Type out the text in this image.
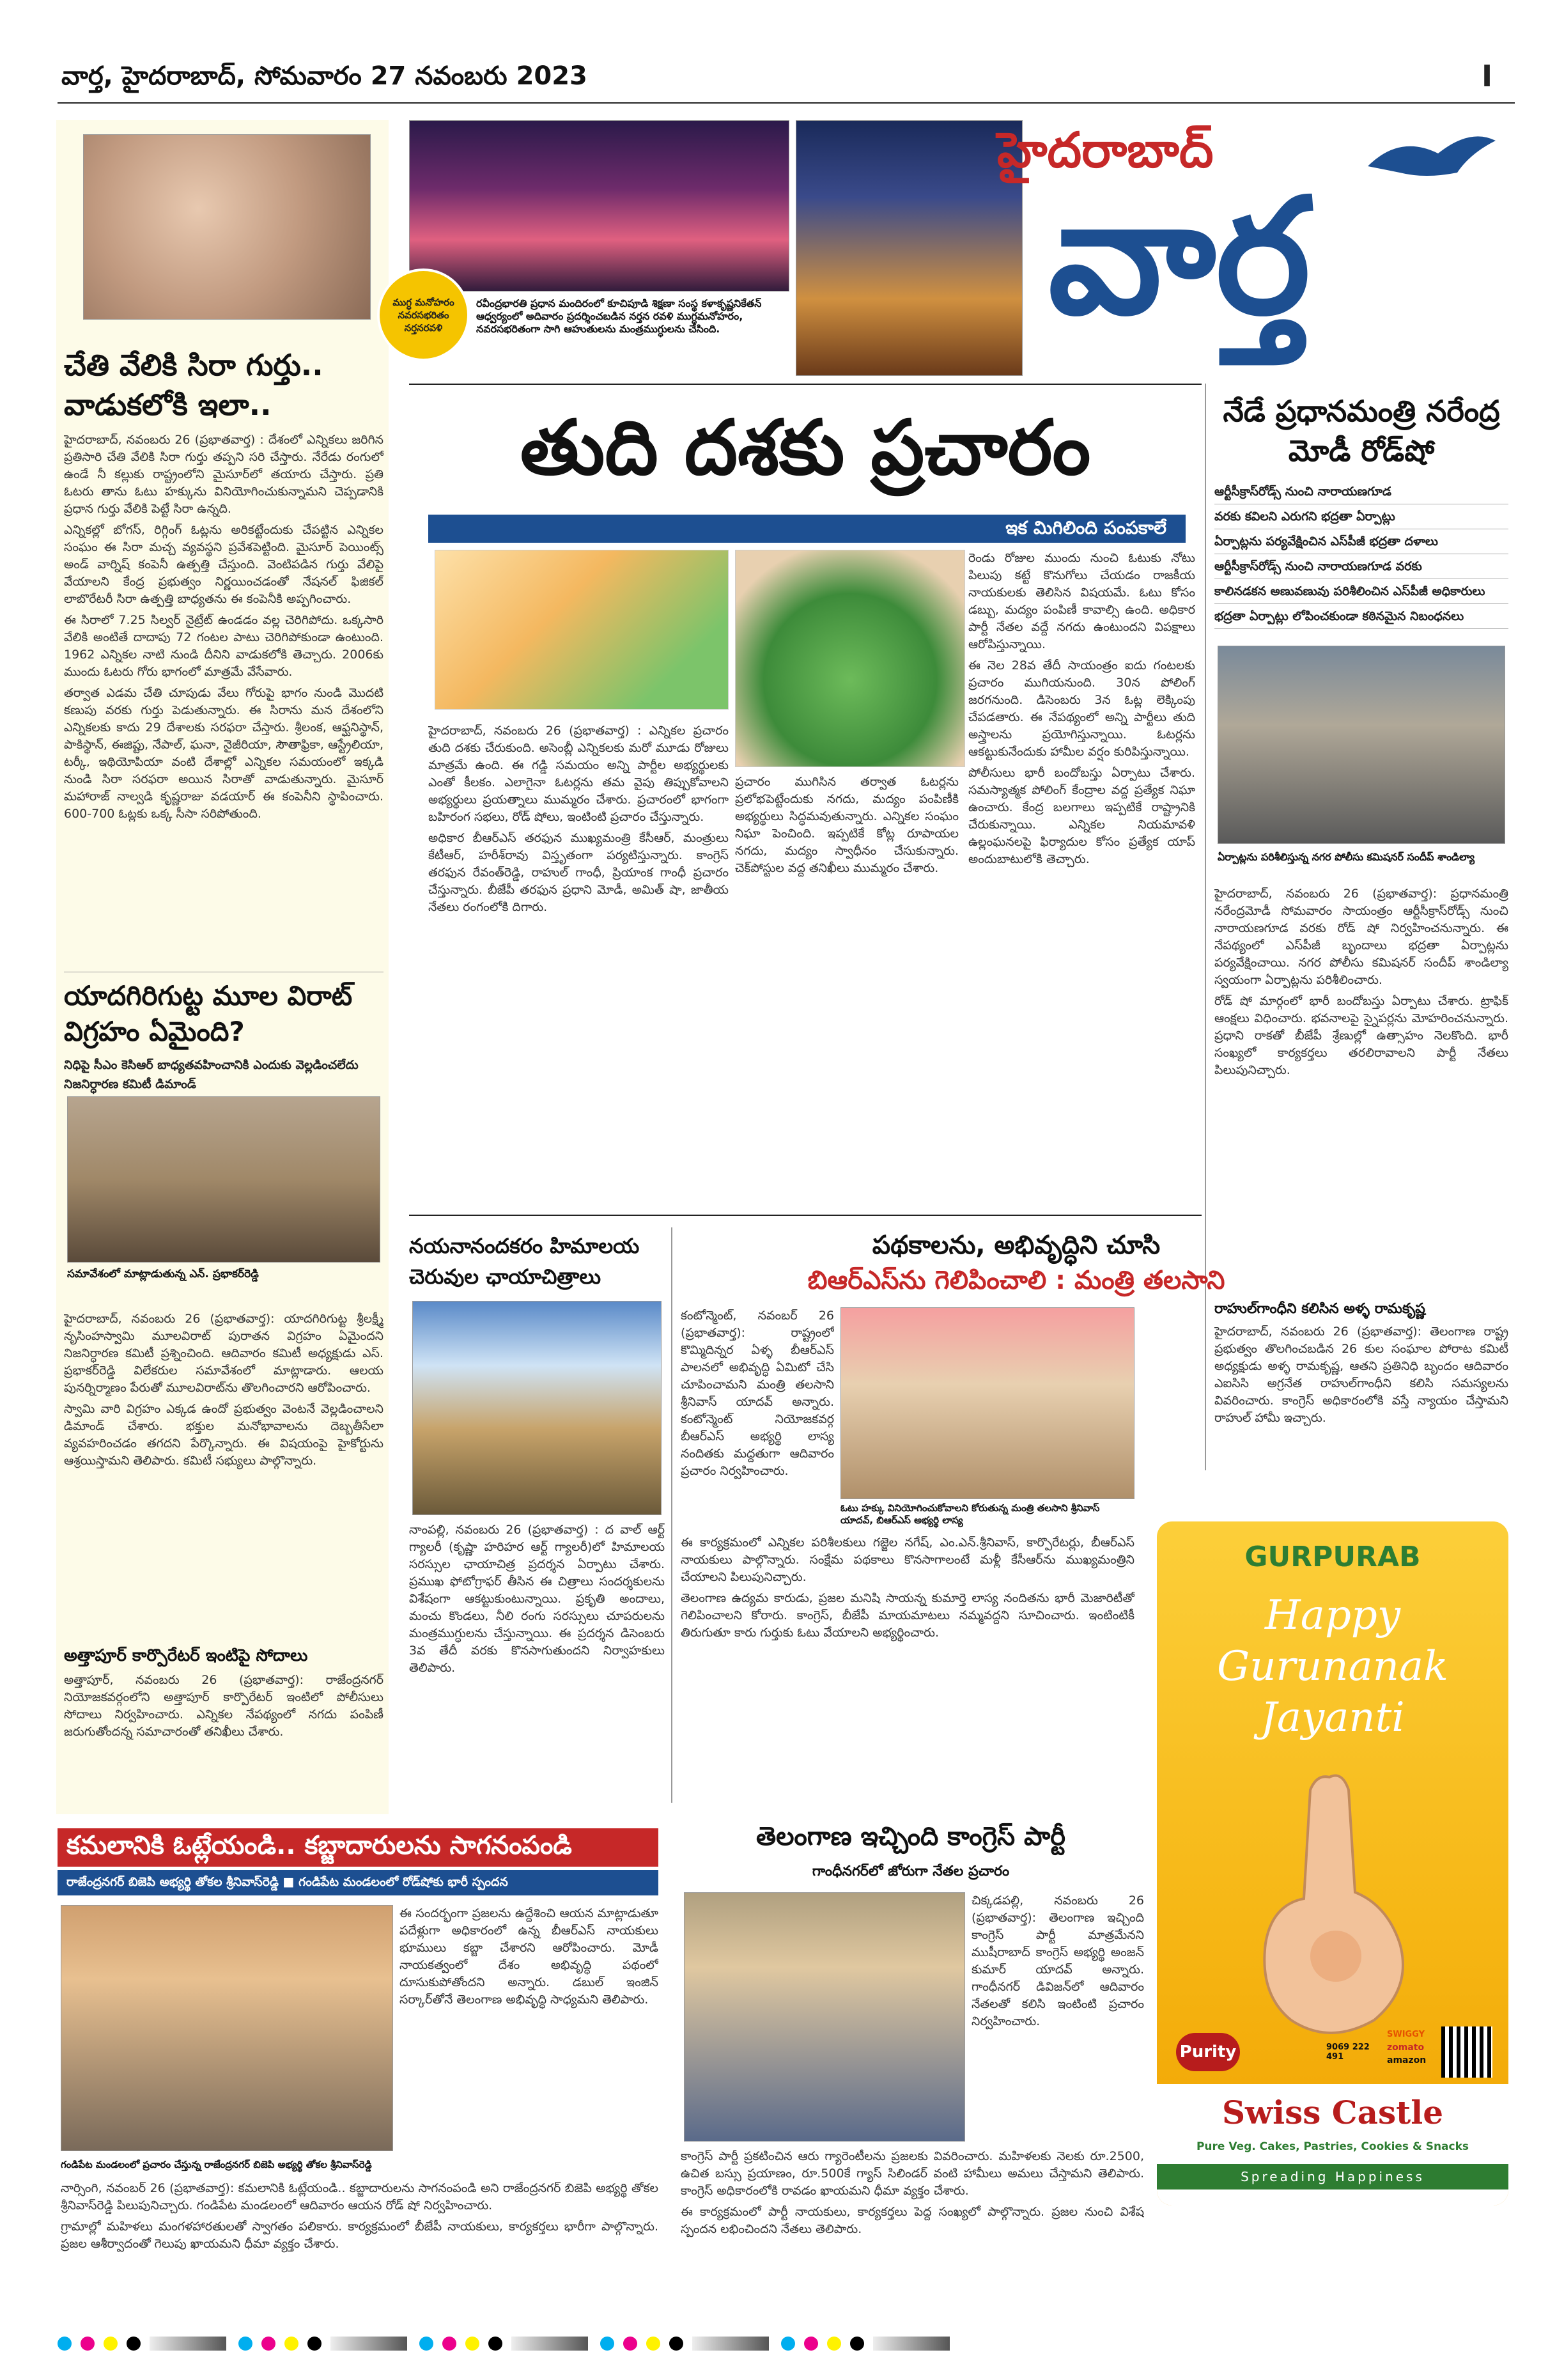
వార్త, హైదరాబాద్, సోమవారం 27 నవంబరు 2023	I
చేతి వేలికి సిరా గుర్తు.. వాడుకలోకి ఇలా..

హైదరాబాద్, నవంబరు 26 (ప్రభాతవార్త) : దేశంలో ఎన్నికలు జరిగిన ప్రతిసారి చేతి వేలికి సిరా గుర్తు తప్పని సరి చేస్తారు. నేరేడు రంగులో ఉండే నీ కల్లుకు రాష్ట్రంలోని మైసూర్‌లో తయారు చేస్తారు. ప్రతి ఓటరు తాను ఓటు హక్కును వినియోగించుకున్నామని చెప్పడానికి ప్రధాన గుర్తు వేలికి పెట్టే సిరా ఉన్నది.

ఎన్నికల్లో బోగస్, రిగ్గింగ్ ఓట్లను అరికట్టేందుకు చేపట్టిన ఎన్నికల సంఘం ఈ సిరా మచ్చ వ్యవస్థని ప్రవేశపెట్టింది. మైసూర్ పెయింట్స్ అండ్ వార్నిష్ కంపెనీ ఉత్పత్తి చేస్తుంది. వెంటిపడిన గుర్తు వేలిపై వేయాలని కేంద్ర ప్రభుత్వం నిర్ణయించడంతో నేషనల్ ఫిజికల్ లాబొరేటరీ సిరా ఉత్పత్తి బాధ్యతను ఈ కంపెనీకి అప్పగించారు.

ఈ సిరాలో 7.25 సిల్వర్ నైట్రేట్ ఉండడం వల్ల చెరిగిపోదు. ఒక్కసారి వేలికి అంటితే దాదాపు 72 గంటల పాటు చెరిగిపోకుండా ఉంటుంది. 1962 ఎన్నికల నాటి నుండి దీనిని వాడుకలోకి తెచ్చారు. 2006కు ముందు ఓటరు గోరు భాగంలో మాత్రమే వేసేవారు.

తర్వాత ఎడమ చేతి చూపుడు వేలు గోరుపై భాగం నుండి మొదటి కణుపు వరకు గుర్తు పెడుతున్నారు. ఈ సిరాను మన దేశంలోని ఎన్నికలకు కాదు 29 దేశాలకు సరఫరా చేస్తారు. శ్రీలంక, ఆఫ్ఘనిస్థాన్, పాకిస్థాన్, ఈజిప్టు, నేపాల్, ఘనా, నైజీరియా, సౌతాఫ్రికా, ఆస్ట్రేలియా, టర్కీ, ఇథియోపియా వంటి దేశాల్లో ఎన్నికల సమయంలో ఇక్కడి నుండి సిరా సరఫరా అయిన సిరాతో వాడుతున్నారు. మైసూర్ మహారాజ్ నాల్వడి కృష్ణరాజు వడయార్ ఈ కంపెనీని స్థాపించారు. 600-700 ఓట్లకు ఒక్క సీసా సరిపోతుంది.

యాదగిరిగుట్ట మూల విరాట్ విగ్రహం ఏమైంది?
నిధిపై సీఎం కెసిఆర్ బాధ్యతవహించానికి ఎందుకు వెల్లడించలేదు
నిజనిర్ధారణ కమిటీ డిమాండ్
సమావేశంలో మాట్లాడుతున్న ఎన్. ప్రభాకర్‌రెడ్డి

హైదరాబాద్, నవంబరు 26 (ప్రభాతవార్త): యాదగిరిగుట్ట శ్రీలక్ష్మీ నృసింహస్వామి మూలవిరాట్ పురాతన విగ్రహం ఏమైందని నిజనిర్ధారణ కమిటీ ప్రశ్నించింది. ఆదివారం కమిటీ అధ్యక్షుడు ఎస్. ప్రభాకర్‌రెడ్డి విలేకరుల సమావేశంలో మాట్లాడారు. ఆలయ పునర్నిర్మాణం పేరుతో మూలవిరాట్‌ను తొలగించారని ఆరోపించారు.

స్వామి వారి విగ్రహం ఎక్కడ ఉందో ప్రభుత్వం వెంటనే వెల్లడించాలని డిమాండ్ చేశారు. భక్తుల మనోభావాలను దెబ్బతీసేలా వ్యవహరించడం తగదని పేర్కొన్నారు. ఈ విషయంపై హైకోర్టును ఆశ్రయిస్తామని తెలిపారు. కమిటీ సభ్యులు పాల్గొన్నారు.

అత్తాపూర్ కార్పొరేటర్ ఇంటిపై సోదాలు
అత్తాపూర్, నవంబరు 26 (ప్రభాతవార్త): రాజేంద్రనగర్ నియోజకవర్గంలోని అత్తాపూర్ కార్పొరేటర్ ఇంటిలో పోలీసులు సోదాలు నిర్వహించారు. ఎన్నికల నేపథ్యంలో నగదు పంపిణీ జరుగుతోందన్న సమాచారంతో తనిఖీలు చేశారు.
ముగ్ధ మనోహరం నవరసభరితం నర్తనరవళి
రవీంద్రభారతి ప్రధాన మందిరంలో కూచిపూడి శిక్షణా సంస్థ కళాకృష్ణనికేతన్ ఆధ్వర్యంలో అదివారం ప్రదర్శించబడిన నర్తన రవళి ముగ్ధమనోహరం, నవరసభరితంగా సాగి ఆహుతులను మంత్రముగ్ధులను చేసింది.
హైదరాబాద్
వార్త
తుది దశకు ప్రచారం
ఇక మిగిలింది పంపకాలే

హైదరాబాద్, నవంబరు 26 (ప్రభాతవార్త) : ఎన్నికల ప్రచారం తుది దశకు చేరుకుంది. అసెంబ్లీ ఎన్నికలకు మరో మూడు రోజులు మాత్రమే ఉంది. ఈ గడ్డి సమయం అన్ని పార్టీల అభ్యర్థులకు ఎంతో కీలకం. ఎలాగైనా ఓటర్లను తమ వైపు తిప్పుకోవాలని అభ్యర్థులు ప్రయత్నాలు ముమ్మరం చేశారు. ప్రచారంలో భాగంగా బహిరంగ సభలు, రోడ్ షోలు, ఇంటింటి ప్రచారం చేస్తున్నారు.

అధికార బీఆర్ఎస్ తరఫున ముఖ్యమంత్రి కేసీఆర్, మంత్రులు కేటీఆర్, హరీశ్‌రావు విస్తృతంగా పర్యటిస్తున్నారు. కాంగ్రెస్ తరఫున రేవంత్‌రెడ్డి, రాహుల్ గాంధీ, ప్రియాంక గాంధీ ప్రచారం చేస్తున్నారు. బీజేపీ తరఫున ప్రధాని మోడీ, అమిత్ షా, జాతీయ నేతలు రంగంలోకి దిగారు.

ప్రచారం ముగిసిన తర్వాత ఓటర్లను ప్రలోభపెట్టేందుకు నగదు, మద్యం పంపిణీకి అభ్యర్థులు సిద్ధమవుతున్నారు. ఎన్నికల సంఘం నిఘా పెంచింది. ఇప్పటికే కోట్ల రూపాయల నగదు, మద్యం స్వాధీనం చేసుకున్నారు. చెక్‌పోస్టుల వద్ద తనిఖీలు ముమ్మరం చేశారు.

రెండు రోజుల ముందు నుంచి ఓటుకు నోటు పిలుపు కట్టే కొనుగోలు చేయడం రాజకీయ నాయకులకు తెలిసిన విషయమే. ఓటు కోసం డబ్బు, మద్యం పంపిణీ కావాల్సి ఉంది. అధికార పార్టీ నేతల వద్దే నగదు ఉంటుందని విపక్షాలు ఆరోపిస్తున్నాయి.

ఈ నెల 28వ తేదీ సాయంత్రం ఐదు గంటలకు ప్రచారం ముగియనుంది. 30న పోలింగ్ జరగనుంది. డిసెంబరు 3న ఓట్ల లెక్కింపు చేపడతారు. ఈ నేపథ్యంలో అన్ని పార్టీలు తుది అస్త్రాలను ప్రయోగిస్తున్నాయి. ఓటర్లను ఆకట్టుకునేందుకు హామీల వర్షం కురిపిస్తున్నాయి.

పోలీసులు భారీ బందోబస్తు ఏర్పాటు చేశారు. సమస్యాత్మక పోలింగ్ కేంద్రాల వద్ద ప్రత్యేక నిఘా ఉంచారు. కేంద్ర బలగాలు ఇప్పటికే రాష్ట్రానికి చేరుకున్నాయి. ఎన్నికల నియమావళి ఉల్లంఘనలపై ఫిర్యాదుల కోసం ప్రత్యేక యాప్ అందుబాటులోకి తెచ్చారు.

నేడే ప్రధానమంత్రి నరేంద్ర మోడీ రోడ్‌షో
ఆర్టీసీక్రాస్‌రోడ్స్ నుంచి నారాయణగూడ
వరకు కవిలని ఎరుగని భద్రతా ఏర్పాట్లు
ఏర్పాట్లను పర్యవేక్షించిన ఎస్‌పీజీ భద్రతా దళాలు
ఆర్టీసీక్రాస్‌రోడ్స్ నుంచి నారాయణగూడ వరకు
కాలినడకన అణువణువు పరిశీలించిన ఎస్‌పీజీ అధికారులు
భద్రతా ఏర్పాట్లు లోపించకుండా కఠినమైన నిబంధనలు
ఏర్పాట్లను పరిశీలిస్తున్న నగర పోలీసు కమిషనర్ సందీప్ శాండిల్యా

హైదరాబాద్, నవంబరు 26 (ప్రభాతవార్త): ప్రధానమంత్రి నరేంద్రమోడీ సోమవారం సాయంత్రం ఆర్టీసీక్రాస్‌రోడ్స్ నుంచి నారాయణగూడ వరకు రోడ్ షో నిర్వహించనున్నారు. ఈ నేపథ్యంలో ఎస్‌పీజీ బృందాలు భద్రతా ఏర్పాట్లను పర్యవేక్షించాయి. నగర పోలీసు కమిషనర్ సందీప్ శాండిల్యా స్వయంగా ఏర్పాట్లను పరిశీలించారు.

రోడ్ షో మార్గంలో భారీ బందోబస్తు ఏర్పాటు చేశారు. ట్రాఫిక్ ఆంక్షలు విధించారు. భవనాలపై స్నైపర్లను మోహరించనున్నారు. ప్రధాని రాకతో బీజేపీ శ్రేణుల్లో ఉత్సాహం నెలకొంది. భారీ సంఖ్యలో కార్యకర్తలు తరలిరావాలని పార్టీ నేతలు పిలుపునిచ్చారు.

రాహుల్‌గాంధీని కలిసిన అళ్ళ రామకృష్ణ
హైదరాబాద్, నవంబరు 26 (ప్రభాతవార్త): తెలంగాణ రాష్ట్ర ప్రభుత్వం తొలగించబడిన 26 కుల సంఘాల పోరాట కమిటీ అధ్యక్షుడు అళ్ళ రామకృష్ణ, ఆతని ప్రతినిధి బృందం ఆదివారం ఎఐసిసి అగ్రనేత రాహుల్‌గాంధీని కలిసి సమస్యలను వివరించారు. కాంగ్రెస్ అధికారంలోకి వస్తే న్యాయం చేస్తామని రాహుల్ హామీ ఇచ్చారు.
నయనానందకరం హిమాలయ చెరువుల ఛాయాచిత్రాలు
నాంపల్లి, నవంబరు 26 (ప్రభాతవార్త) : ద వాల్ ఆర్ట్ గ్యాలరీ (కృష్ణా హరిహర ఆర్ట్ గ్యాలరీ)లో హిమాలయ సరస్సుల ఛాయాచిత్ర ప్రదర్శన ఏర్పాటు చేశారు. ప్రముఖ ఫోటోగ్రాఫర్ తీసిన ఈ చిత్రాలు సందర్శకులను విశేషంగా ఆకట్టుకుంటున్నాయి. ప్రకృతి అందాలు, మంచు కొండలు, నీలి రంగు సరస్సులు చూపరులను మంత్రముగ్ధులను చేస్తున్నాయి. ఈ ప్రదర్శన డిసెంబరు 3వ తేదీ వరకు కొనసాగుతుందని నిర్వాహకులు తెలిపారు.
పథకాలను, అభివృద్ధిని చూసి
బిఆర్ఎస్‌ను గెలిపించాలి : మంత్రి తలసాని
కంటోన్మెంట్, నవంబర్ 26 (ప్రభాతవార్త): రాష్ట్రంలో కొమ్మిదిన్నర ఏళ్ళ బీఆర్ఎస్ పాలనలో అభివృద్ధి ఏమిటో చేసి చూపించామని మంత్రి తలసాని శ్రీనివాస్ యాదవ్ అన్నారు. కంటోన్మెంట్ నియోజకవర్గ బీఆర్ఎస్ అభ్యర్థి లాస్య నందితకు మద్దతుగా ఆదివారం ప్రచారం నిర్వహించారు.
ఓటు హక్కు వినియోగించుకోవాలని కోరుతున్న మంత్రి తలసాని శ్రీనివాస్ యాదవ్, బిఆర్ఎస్ అభ్యర్థి లాస్య

ఈ కార్యక్రమంలో ఎన్నికల పరిశీలకులు గజ్జెల నగేష్, ఎం.ఎన్.శ్రీనివాస్, కార్పొరేటర్లు, బీఆర్ఎస్ నాయకులు పాల్గొన్నారు. సంక్షేమ పథకాలు కొనసాగాలంటే మళ్లీ కేసీఆర్‌ను ముఖ్యమంత్రిని చేయాలని పిలుపునిచ్చారు.

తెలంగాణ ఉద్యమ కారుడు, ప్రజల మనిషి సాయన్న కుమార్తె లాస్య నందితను భారీ మెజారిటీతో గెలిపించాలని కోరారు. కాంగ్రెస్, బీజేపీ మాయమాటలు నమ్మవద్దని సూచించారు. ఇంటింటికీ తిరుగుతూ కారు గుర్తుకు ఓటు వేయాలని అభ్యర్థించారు.

GURPURAB
Happy
Gurunanak
Jayanti
Purity	9069 222 491
SWIGGY
zomato
amazon
Swiss Castle
Pure Veg. Cakes, Pastries, Cookies & Snacks
Spreading Happiness
కమలానికి ఓట్లేయండి.. కబ్జాదారులను సాగనంపండి
రాజేంద్రనగర్ బిజెపి అభ్యర్థి తోకల శ్రీనివాస్‌రెడ్డి ■ గండిపేట మండలంలో రోడ్‌షోకు భారీ స్పందన
గండిపేట మండలంలో ప్రచారం చేస్తున్న రాజేంద్రనగర్ బిజెపి అభ్యర్థి తోకల శ్రీనివాస్‌రెడ్డి
ఈ సందర్భంగా ప్రజలను ఉద్దేశించి ఆయన మాట్లాడుతూ పదేళ్లుగా అధికారంలో ఉన్న బీఆర్ఎస్ నాయకులు భూములు కబ్జా చేశారని ఆరోపించారు. మోడీ నాయకత్వంలో దేశం అభివృద్ధి పథంలో దూసుకుపోతోందని అన్నారు. డబుల్ ఇంజిన్ సర్కార్‌తోనే తెలంగాణ అభివృద్ధి సాధ్యమని తెలిపారు.

నార్సింగి, నవంబర్ 26 (ప్రభాతవార్త): కమలానికి ఓట్లేయండి.. కబ్జాదారులను సాగనంపండి అని రాజేంద్రనగర్ బిజెపి అభ్యర్థి తోకల శ్రీనివాస్‌రెడ్డి పిలుపునిచ్చారు. గండిపేట మండలంలో ఆదివారం ఆయన రోడ్ షో నిర్వహించారు.

గ్రామాల్లో మహిళలు మంగళహారతులతో స్వాగతం పలికారు. కార్యక్రమంలో బీజేపీ నాయకులు, కార్యకర్తలు భారీగా పాల్గొన్నారు. ప్రజల ఆశీర్వాదంతో గెలుపు ఖాయమని ధీమా వ్యక్తం చేశారు.

తెలంగాణ ఇచ్చింది కాంగ్రెస్ పార్టీ
గాంధీనగర్‌లో జోరుగా నేతల ప్రచారం
చిక్కడపల్లి, నవంబరు 26 (ప్రభాతవార్త): తెలంగాణ ఇచ్చింది కాంగ్రెస్ పార్టీ మాత్రమేనని ముషీరాబాద్ కాంగ్రెస్ అభ్యర్థి అంజన్ కుమార్ యాదవ్ అన్నారు. గాంధీనగర్ డివిజన్‌లో ఆదివారం నేతలతో కలిసి ఇంటింటి ప్రచారం నిర్వహించారు.

కాంగ్రెస్ పార్టీ ప్రకటించిన ఆరు గ్యారెంటీలను ప్రజలకు వివరించారు. మహిళలకు నెలకు రూ.2500, ఉచిత బస్సు ప్రయాణం, రూ.500కే గ్యాస్ సిలిండర్ వంటి హామీలు అమలు చేస్తామని తెలిపారు. కాంగ్రెస్ అధికారంలోకి రావడం ఖాయమని ధీమా వ్యక్తం చేశారు.

ఈ కార్యక్రమంలో పార్టీ నాయకులు, కార్యకర్తలు పెద్ద సంఖ్యలో పాల్గొన్నారు. ప్రజల నుంచి విశేష స్పందన లభించిందని నేతలు తెలిపారు.
